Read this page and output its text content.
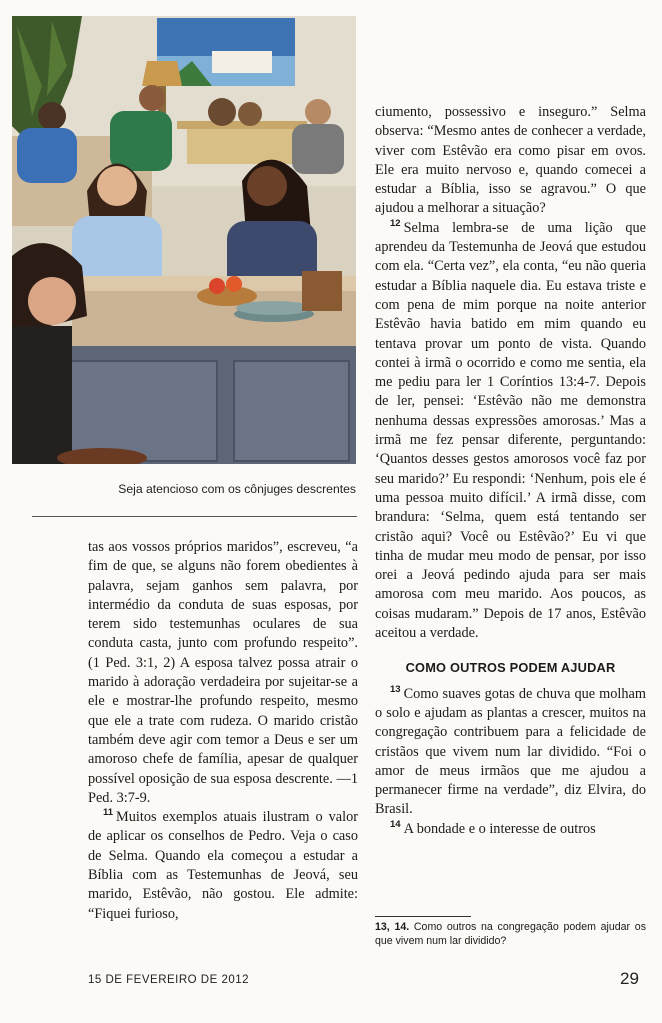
Seja atencioso com os cônjuges descrentes

tas aos vossos próprios maridos”, escreveu, “a fim de que, se alguns não forem obedientes à palavra, sejam ganhos sem palavra, por intermédio da conduta de suas esposas, por terem sido testemunhas oculares de sua conduta casta, junto com profundo respeito”. (1 Ped. 3:1, 2) A esposa talvez possa atrair o marido à adoração verdadeira por sujeitar-se a ele e mostrar-lhe profundo respeito, mesmo que ele a trate com rudeza. O marido cristão também deve agir com temor a Deus e ser um amoroso chefe de família, apesar de qualquer possível oposição de sua esposa descrente. —1 Ped. 3:7-9.

$^{11}$ Muitos exemplos atuais ilustram o valor de aplicar os conselhos de Pedro. Veja o caso de Selma. Quando ela começou a estudar a Bíblia com as Testemunhas de Jeová, seu marido, Estêvão, não gostou. Ele admite: “Fiquei furioso,

ciumento, possessivo e inseguro.” Selma observa: “Mesmo antes de conhecer a verdade, viver com Estêvão era como pisar em ovos. Ele era muito nervoso e, quando comecei a estudar a Bíblia, isso se agravou.” O que ajudou a melhorar a situação?

$^{12}$ Selma lembra-se de uma lição que aprendeu da Testemunha de Jeová que estudou com ela. “Certa vez”, ela conta, “eu não queria estudar a Bíblia naquele dia. Eu estava triste e com pena de mim porque na noite anterior Estêvão havia batido em mim quando eu tentava provar um ponto de vista. Quando contei à irmã o ocorrido e como me sentia, ela me pediu para ler 1 Coríntios 13:4-7. Depois de ler, pensei: ‘Estêvão não me demonstra nenhuma dessas expressões amorosas.’ Mas a irmã me fez pensar diferente, perguntando: ‘Quantos desses gestos amorosos você faz por seu marido?’ Eu respondi: ‘Nenhum, pois ele é uma pessoa muito difícil.’ A irmã disse, com brandura: ‘Selma, quem está tentando ser cristão aqui? Você ou Estêvão?’ Eu vi que tinha de mudar meu modo de pensar, por isso orei a Jeová pedindo ajuda para ser mais amorosa com meu marido. Aos poucos, as coisas mudaram.” Depois de 17 anos, Estêvão aceitou a verdade.

COMO OUTROS PODEM AJUDAR

$^{13}$ Como suaves gotas de chuva que molham o solo e ajudam as plantas a crescer, muitos na congregação contribuem para a felicidade de cristãos que vivem num lar dividido. “Foi o amor de meus irmãos que me ajudou a permanecer firme na verdade”, diz Elvira, do Brasil.

$^{14}$ A bondade e o interesse de outros

13, 14. Como outros na congregação podem ajudar os que vivem num lar dividido?
15 DE FEVEREIRO DE 2012	29
